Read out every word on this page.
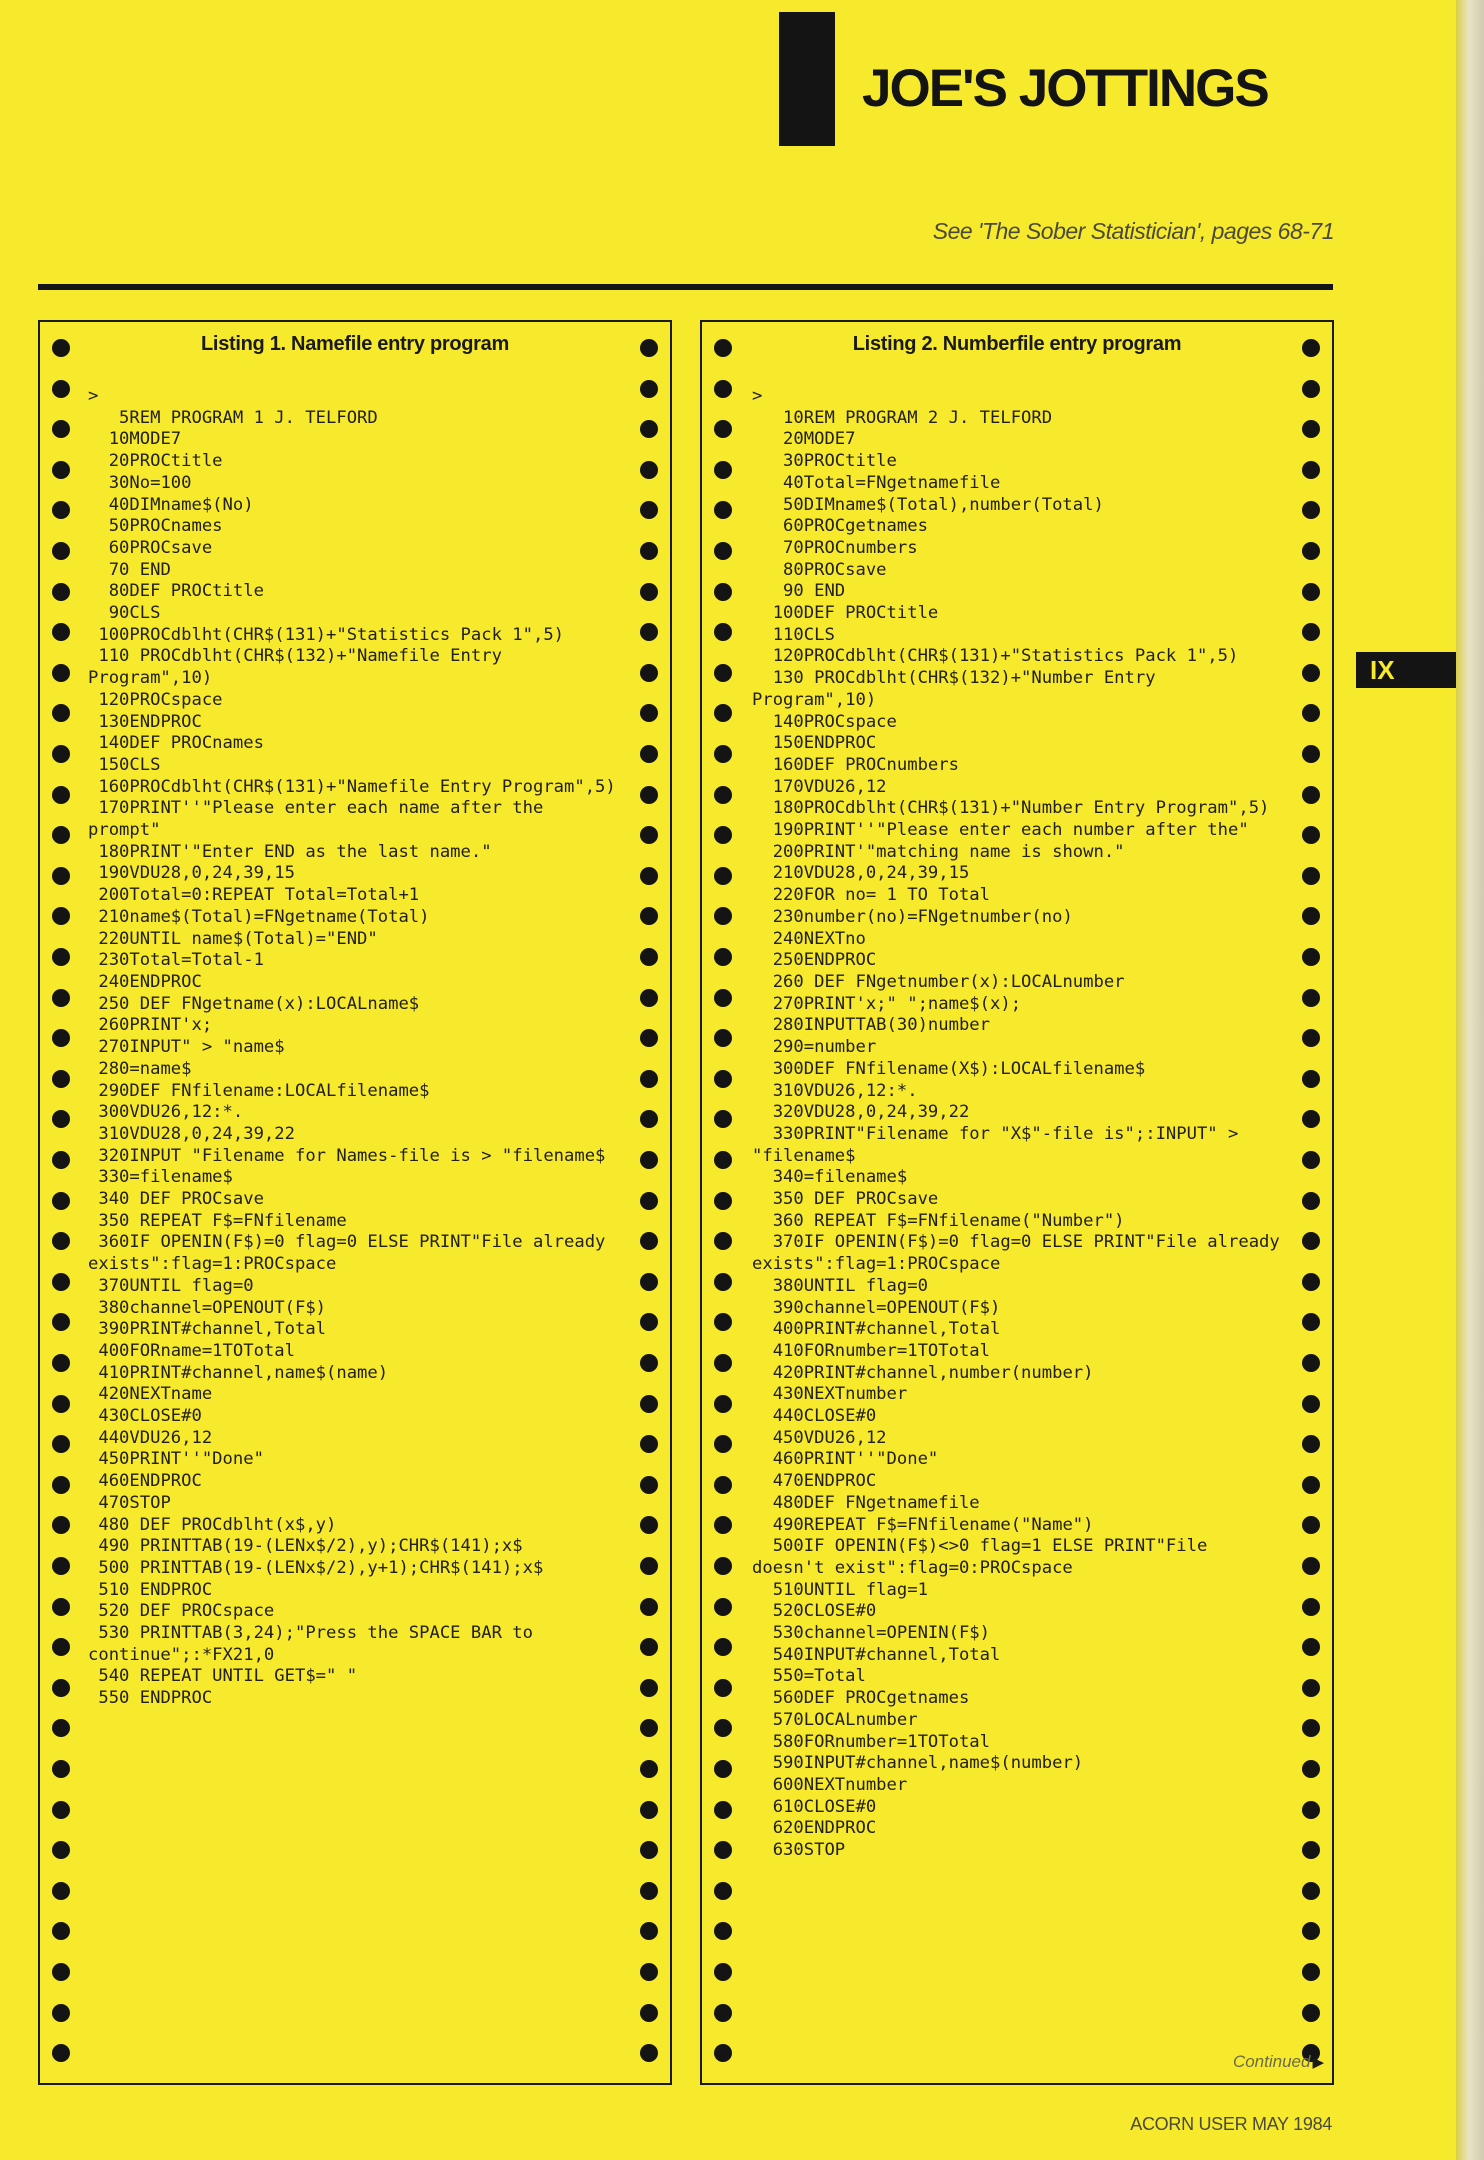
JOE'S JOTTINGS
See 'The Sober Statistician', pages 68-71
Listing 1. Namefile entry program
>
5REM PROGRAM 1 J. TELFORD
10MODE7
20PROCtitle
30No=100
40DIMname$(No)
50PROCnames
60PROCsave
70 END
80DEF PROCtitle
90CLS
100PROCdblht(CHR$(131)+"Statistics Pack 1",5)
110 PROCdblht(CHR$(132)+"Namefile Entry Program",10)
120PROCspace
130ENDPROC
140DEF PROCnames
150CLS
160PROCdblht(CHR$(131)+"Namefile Entry Program",5)
170PRINT''"Please enter each name after the prompt"
180PRINT'"Enter END as the last name."
190VDU28,0,24,39,15
200Total=0:REPEAT Total=Total+1
210name$(Total)=FNgetname(Total)
220UNTIL name$(Total)="END"
230Total=Total-1
240ENDPROC
250 DEF FNgetname(x):LOCALname$
260PRINT'x;
270INPUT" > "name$
280=name$
290DEF FNfilename:LOCALfilename$
300VDU26,12:*.
310VDU28,0,24,39,22
320INPUT "Filename for Names-file is > "filename$
330=filename$
340 DEF PROCsave
350 REPEAT F$=FNfilename
360IF OPENIN(F$)=0 flag=0 ELSE PRINT"File already exists":flag=1:PROCspace
370UNTIL flag=0
380channel=OPENOUT(F$)
390PRINT#channel,Total
400FORname=1TOTotal
410PRINT#channel,name$(name)
420NEXTname
430CLOSE#0
440VDU26,12
450PRINT''"Done"
460ENDPROC
470STOP
480 DEF PROCdblht(x$,y)
490 PRINTTAB(19-(LENx$/2),y);CHR$(141);x$
500 PRINTTAB(19-(LENx$/2),y+1);CHR$(141);x$
510 ENDPROC
520 DEF PROCspace
530 PRINTTAB(3,24);"Press the SPACE BAR to continue";:*FX21,0
540 REPEAT UNTIL GET$=" "
550 ENDPROC
Listing 2. Numberfile entry program
>
10REM PROGRAM 2 J. TELFORD
20MODE7
30PROCtitle
40Total=FNgetnamefile
50DIMname$(Total),number(Total)
60PROCgetnames
70PROCnumbers
80PROCsave
90 END
100DEF PROCtitle
110CLS
120PROCdblht(CHR$(131)+"Statistics Pack 1",5)
130 PROCdblht(CHR$(132)+"Number Entry Program",10)
140PROCspace
150ENDPROC
160DEF PROCnumbers
170VDU26,12
180PROCdblht(CHR$(131)+"Number Entry Program",5)
190PRINT''"Please enter each number after the"
200PRINT'"matching name is shown."
210VDU28,0,24,39,15
220FOR no= 1 TO Total
230number(no)=FNgetnumber(no)
240NEXTno
250ENDPROC
260 DEF FNgetnumber(x):LOCALnumber
270PRINT'x;" ";name$(x);
280INPUTTAB(30)number
290=number
300DEF FNfilename(X$):LOCALfilename$
310VDU26,12:*.
320VDU28,0,24,39,22
330PRINT"Filename for "X$"-file is";:INPUT" > "filename$
340=filename$
350 DEF PROCsave
360 REPEAT F$=FNfilename("Number")
370IF OPENIN(F$)=0 flag=0 ELSE PRINT"File already exists":flag=1:PROCspace
380UNTIL flag=0
390channel=OPENOUT(F$)
400PRINT#channel,Total
410FORnumber=1TOTotal
420PRINT#channel,number(number)
430NEXTnumber
440CLOSE#0
450VDU26,12
460PRINT''"Done"
470ENDPROC
480DEF FNgetnamefile
490REPEAT F$=FNfilename("Name")
500IF OPENIN(F$)<>0 flag=1 ELSE PRINT"File doesn't exist":flag=0:PROCspace
510UNTIL flag=1
520CLOSE#0
530channel=OPENIN(F$)
540INPUT#channel,Total
550=Total
560DEF PROCgetnames
570LOCALnumber
580FORnumber=1TOTotal
590INPUT#channel,name$(number)
600NEXTnumber
610CLOSE#0
620ENDPROC
630STOP
IX
Continued ▶
ACORN USER MAY 1984
